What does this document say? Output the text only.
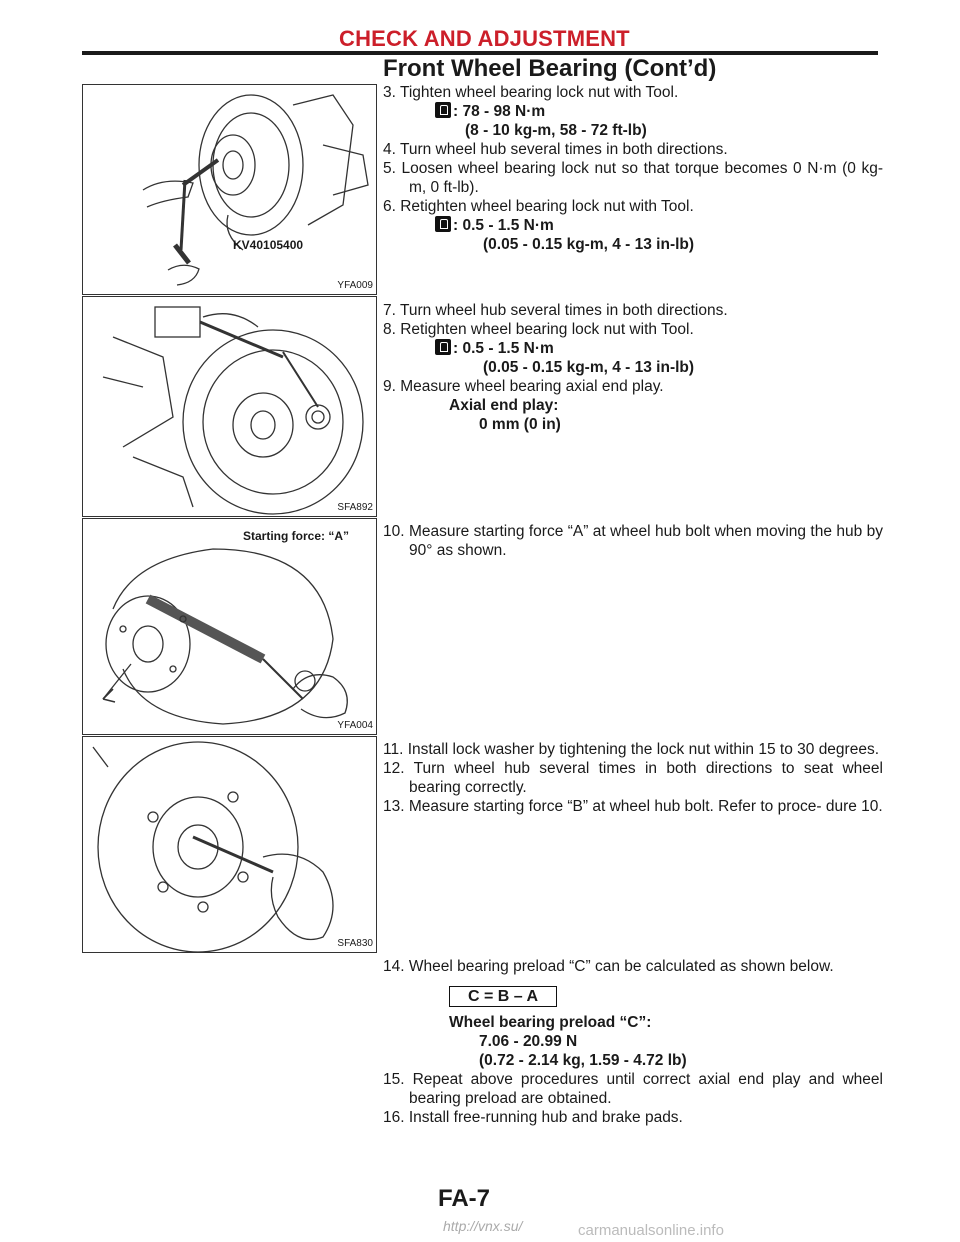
CHECK AND ADJUSTMENT
Front Wheel Bearing (Cont’d)
KV40105400
YFA009
SFA892
Starting force: “A”
YFA004
SFA830

3. Tighten wheel bearing lock nut with Tool.

: 78 - 98 N·m

(8 - 10 kg-m, 58 - 72 ft-lb)

4. Turn wheel hub several times in both directions.

5. Loosen wheel bearing lock nut so that torque becomes 0 N·m (0 kg-m, 0 ft-lb).

6. Retighten wheel bearing lock nut with Tool.

: 0.5 - 1.5 N·m

(0.05 - 0.15 kg-m, 4 - 13 in-lb)

7. Turn wheel hub several times in both directions.

8. Retighten wheel bearing lock nut with Tool.

: 0.5 - 1.5 N·m

(0.05 - 0.15 kg-m, 4 - 13 in-lb)

9. Measure wheel bearing axial end play.

Axial end play:

0 mm (0 in)

10. Measure starting force “A” at wheel hub bolt when moving the hub by 90° as shown.

11. Install lock washer by tightening the lock nut within 15 to 30 degrees.

12. Turn wheel hub several times in both directions to seat wheel bearing correctly.

13. Measure starting force “B” at wheel hub bolt. Refer to proce- dure 10.

14. Wheel bearing preload “C” can be calculated as shown below.

C = B – A

Wheel bearing preload “C”:

7.06 - 20.99 N

(0.72 - 2.14 kg, 1.59 - 4.72 lb)

15. Repeat above procedures until correct axial end play and wheel bearing preload are obtained.

16. Install free-running hub and brake pads.

FA-7
http://vnx.su/	carmanualsonline.info
